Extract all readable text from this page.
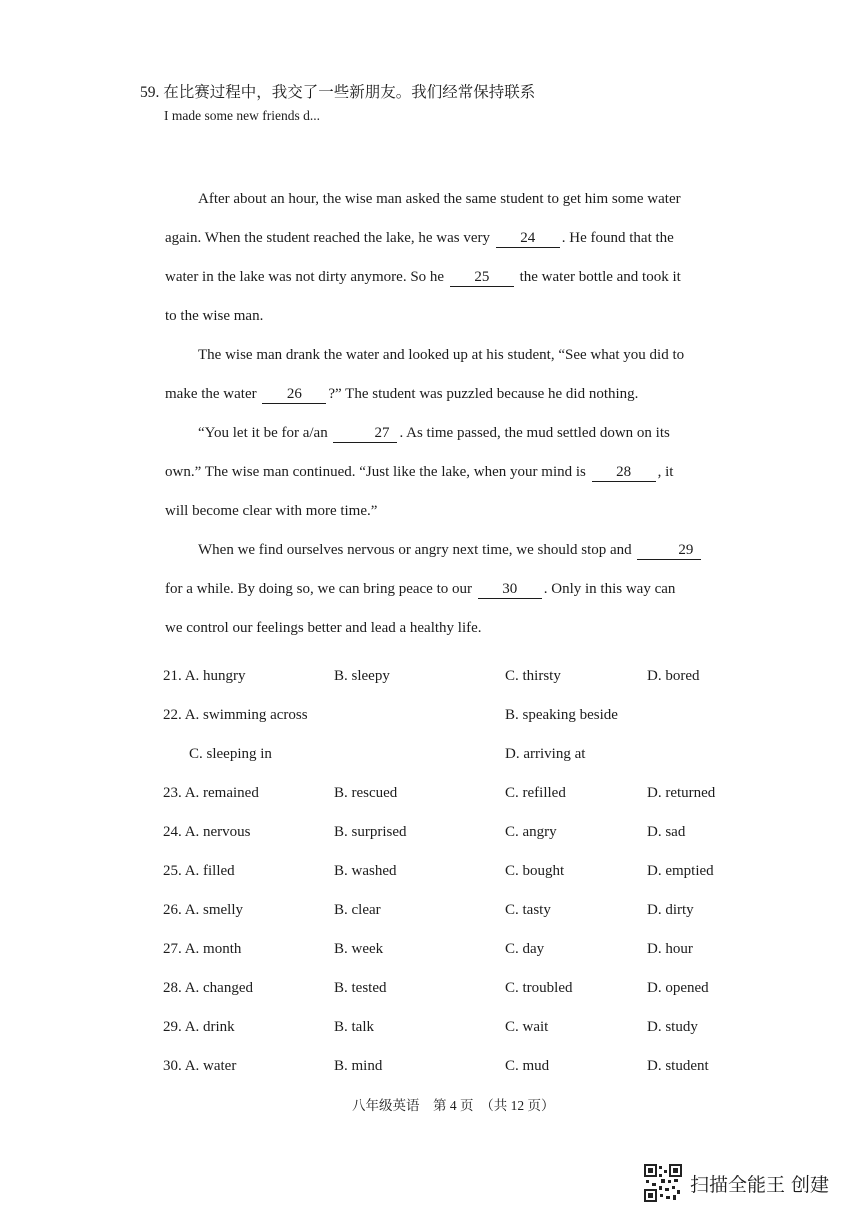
59. 在比赛过程中，我交了一些新朋友。我们经常保持联系
I made some new friends d...
After about an hour, the wise man asked the same student to get him some water
again. When the student reached the lake, he was very 24 . He found that the
water in the lake was not dirty anymore. So he 25 the water bottle and took it
to the wise man.
The wise man drank the water and looked up at his student, “See what you did to
make the water 26 ?” The student was puzzled because he did nothing.
“You let it be for a/an	27 . As time passed, the mud settled down on its
own.” The wise man continued. “Just like the lake, when your mind is 28 , it
will become clear with more time.”
When we find ourselves nervous or angry next time, we should stop and	29
for a while. By doing so, we can bring peace to our 30 . Only in this way can
we control our feelings better and lead a healthy life.
21. A. hungry	B. sleepy	C. thirsty	D. bored
22. A. swimming across	B. speaking beside
C. sleeping in	D. arriving at
23. A. remained	B. rescued	C. refilled	D. returned
24. A. nervous	B. surprised	C. angry	D. sad
25. A. filled	B. washed	C. bought	D. emptied
26. A. smelly	B. clear	C. tasty	D. dirty
27. A. month	B. week	C. day	D. hour
28. A. changed	B. tested	C. troubled	D. opened
29. A. drink	B. talk	C. wait	D. study
30. A. water	B. mind	C. mud	D. student
八年级英语　第 4 页　（共 12 页）
扫描全能王 创建
